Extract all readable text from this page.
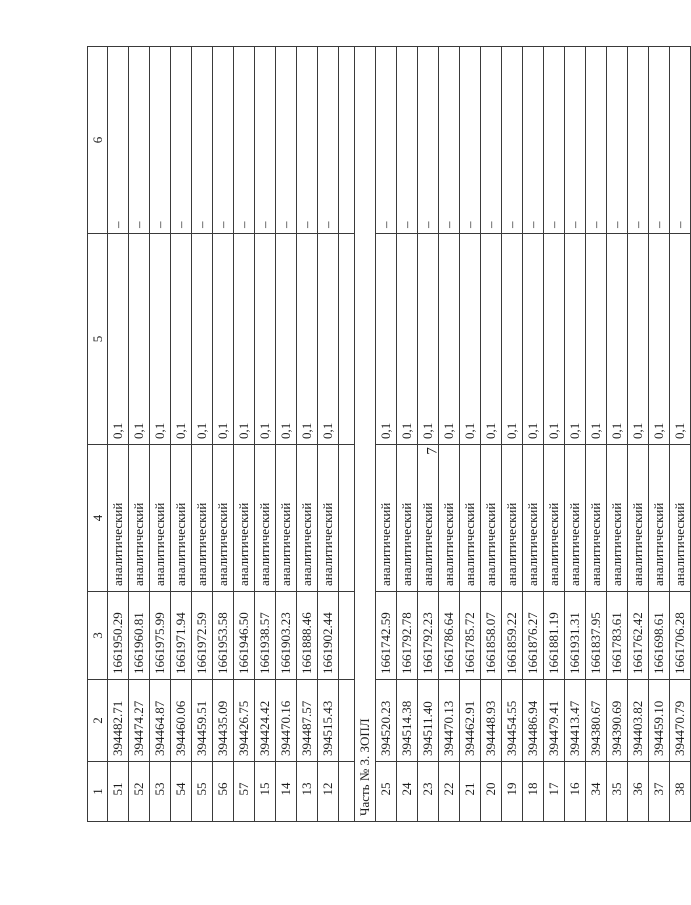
7
1	2	3	4	5	6
51	394482.71	1661950.29	аналитический	0,1	–
52	394474.27	1661960.81	аналитический	0,1	–
53	394464.87	1661975.99	аналитический	0,1	–
54	394460.06	1661971.94	аналитический	0,1	–
55	394459.51	1661972.59	аналитический	0,1	–
56	394435.09	1661953.58	аналитический	0,1	–
57	394426.75	1661946.50	аналитический	0,1	–
15	394424.42	1661938.57	аналитический	0,1	–
14	394470.16	1661903.23	аналитический	0,1	–
13	394487.57	1661888.46	аналитический	0,1	–
12	394515.43	1661902.44	аналитический	0,1	–

Часть № 3. ЗОПЛ					
25	394520.23	1661742.59	аналитический	0,1	–
24	394514.38	1661792.78	аналитический	0,1	–
23	394511.40	1661792.23	аналитический	0,1	–
22	394470.13	1661786.64	аналитический	0,1	–
21	394462.91	1661785.72	аналитический	0,1	–
20	394448.93	1661858.07	аналитический	0,1	–
19	394454.55	1661859.22	аналитический	0,1	–
18	394486.94	1661876.27	аналитический	0,1	–
17	394479.41	1661881.19	аналитический	0,1	–
16	394413.47	1661931.31	аналитический	0,1	–
34	394380.67	1661837.95	аналитический	0,1	–
35	394390.69	1661783.61	аналитический	0,1	–
36	394403.82	1661762.42	аналитический	0,1	–
37	394459.10	1661698.61	аналитический	0,1	–
38	394470.79	1661706.28	аналитический	0,1	–
